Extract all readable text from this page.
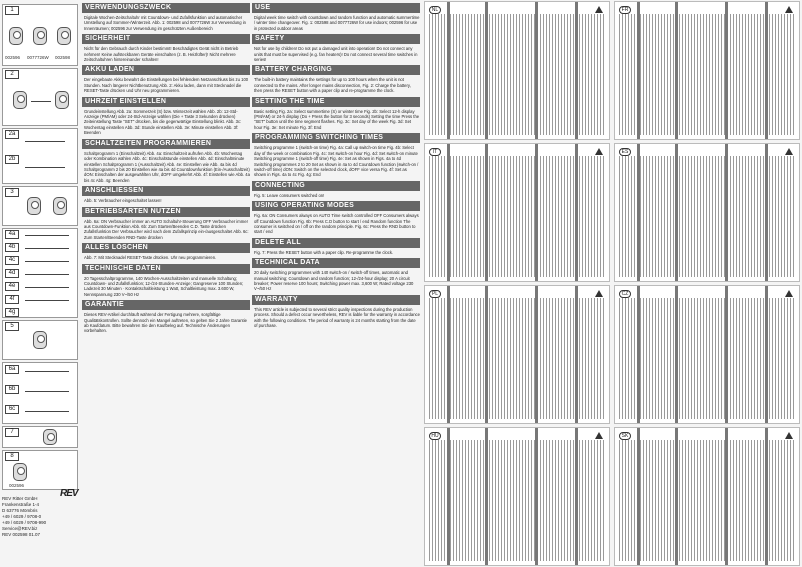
1
002596 0077726W 002598
2
2a
2b
3
4a
4b
4c
4d
4e
4f
4g
5
6a
6b
6c
7
8
002596
REV Ritter GmbH
Frankenstraße 1-4
D 63776 Mömbris
+49 / 6029 / 9708-0
+49 / 6029 / 9708-990
Service@REV.biz
REV 002598 01.07
REV
VERWENDUNGSZWECK
Digitale Wochen-Zeitschaltuhr mit Countdown- und Zufallsfunktion und automatischer Umstellung auf Sommer-/Winterzeit. Abb. 1: 002598 und 0077726W zur Verwendung in Innenräumen; 002596 zur Verwendung im geschützten Außenbereich
SICHERHEIT
Nicht für den Gebrauch durch Kinder bestimmt! Beschädigtes Gerät nicht in Betrieb nehmen! Keine aufsteckbaren Geräte einschalten (z. B. Heizlüfter)! Nicht mehrere Zeitschaltuhren hintereinander schalten!
AKKU LADEN
Der eingebaute Akku bewahrt die Einstellungen bei fehlendem Netzanschluss bis zu 100 Stunden. Nach längerer Nichtbenutzung Abb. 2: Akku laden, dann mit Stecknadel die RESET-Taste drücken und Uhr neu programmieren.
UHRZEIT EINSTELLEN
Grundeinstellung Abb. 2a: Sommerzeit (S) bzw. Winterzeit wählen Abb. 2b: 12-Std-Anzeige (PM/AM) oder 24-Std-Anzeige wählen (Die + Taste 3 Sekunden drücken) Zeiteinstellung Taste "SET" drücken, bis die gegenwärtige Einstellung blinkt. Abb. 3c: Wochentag einstellen Abb. 3d: Stunde einstellen Abb. 3e: Minute einstellen Abb. 3f: Beenden
SCHALTZEITEN PROGRAMMIEREN
Schaltprogramm 1 (Einschaltzeit) Abb. 4a: Einschaltzeit aufrufen Abb. 4b: Wochentag oder Kombination wählen Abb. 4c: Einschaltstunde einstellen Abb. 4d: Einschaltminute einstellen Schaltprogramm 1 (Ausschaltzeit) Abb. 4e: Einstellen wie Abb. 4a bis 4d Schaltprogramm 2 bis 20 Einstellen wie 4a bis 4d Countdownfunktion (Ein-/Ausschaltzeit) dON: Einschalten der ausgewählten Uhr, dOFF umgekehrt Abb. 4f: Einstellen wie Abb. 4a bis 4c Abb. 4g: Beenden
ANSCHLIESSEN
Abb. 5: Verbraucher eingeschaltet lassen!
BETRIEBSARTEN NUTZEN
Abb. 6a: ON Verbraucher immer an AUTO Schaltuhr-Steuerung OFF Verbraucher immer aus Countdown-Funktion Abb. 6b: Zum Starten/Beenden C.D. Taste drücken Zufallsfunktion Der Verbraucher wird nach dem Zufallsprinzip ein-/ausgeschaltet Abb. 6c: Zum Starten/Beenden RND-Taste drücken
ALLES LÖSCHEN
Abb. 7: Mit Stecknadel RESET-Taste drücken. Uhr neu programmieren.
TECHNISCHE DATEN
20 Tagesschaltprogramme, 140 Wochen-Ausschaltzeiten und manuelle Schaltung; Countdown- und Zufallsfunktion; 12-/24-Stunden-Anzeige; Gangreserve 100 Stunden; Ladezeit 30 Minuten · Kontaktschaltleistung 1 Watt, Schaltleistung max. 3.600 W, Nennspannung 230 V~/50 Hz
GARANTIE
Dieses REV-Artikel durchläuft während der Fertigung mehrere, sorgfältige Qualitätskontrollen. Sollte dennoch ein Mangel auftreten, so gelten Sie 2 Jahre Garantie ab Kaufdatum. Bitte bewahren Sie den Kaufbeleg auf. Technische Änderungen vorbehalten.
USE
Digital week time switch with countdown and random function and automatic summertime / winter time changeover. Fig. 1: 002598 and 0077726W for use indoors; 002596 for use in protected outdoor areas
SAFETY
Not for use by children! Do not put a damaged unit into operation! Do not connect any units that must be supervised (e.g. fan heaters)! Do not connect several time switches in series!
BATTERY CHARGING
The built-in battery maintains the settings for up to 100 hours when the unit is not connected to the mains. After longer mains disconnection, Fig. 2: Charge the battery, then press the RESET button with a paper clip and re-programme the clock.
SETTING THE TIME
Basic setting Fig. 2a: Select summertime (S) or winter time Fig. 2b: Select 12-h display (PM/AM) or 24-h display (Do + Press the button for 3 seconds) Setting the time Press the "SET" button until the time segment flashes. Fig. 3c: Set day of the week Fig. 3d: Set hour Fig. 3e: Set minute Fig. 3f: End
PROGRAMMING SWITCHING TIMES
Switching programme 1 (switch-on time) Fig. 4a: Call up switch-on time Fig. 4b: Select day of the week or combination Fig. 4c: Set switch-on hour Fig. 4d: Set switch-on minute Switching programme 1 (switch-off time) Fig. 4e: Set as shown in Figs. 4a to 4d Switching programmes 2 to 20 Set as shown in 4a to 4d Countdown function (switch-on / switch-off time) dON: Switch on the selected clock, dOFF vice versa Fig. 4f: Set as shown in Figs. 4a to 4c Fig. 4g: End
CONNECTING
Fig. 5: Leave consumers switched on!
USING OPERATING MODES
Fig. 6a: ON Consumers always on AUTO Time switch controlled OFF Consumers always off Countdown function Fig. 6b: Press C.D button to start / end Random function The consumer is switched on / off on the random principle. Fig. 6c: Press the RND button to start / end
DELETE ALL
Fig. 7: Press the RESET button with a paper clip. Re-programme the clock.
TECHNICAL DATA
20 daily switching programmes with 140 switch-on / switch-off times, automatic and manual switching; Countdown and random function; 12-/24-hour display; 20 A circuit breaker; Power reserve 100 hours; Switching power max. 3,600 W; Rated voltage 230 V~/50 Hz
WARRANTY
This REV article is subjected to several strict quality inspections during the production process. Should a defect occur nevertheless, REV is liable for the warranty in accordance with the following conditions. The period of warranty is 24 months starting from the date of purchase.
NL	FR
IT	ES
PL	CZ
HU	SK
